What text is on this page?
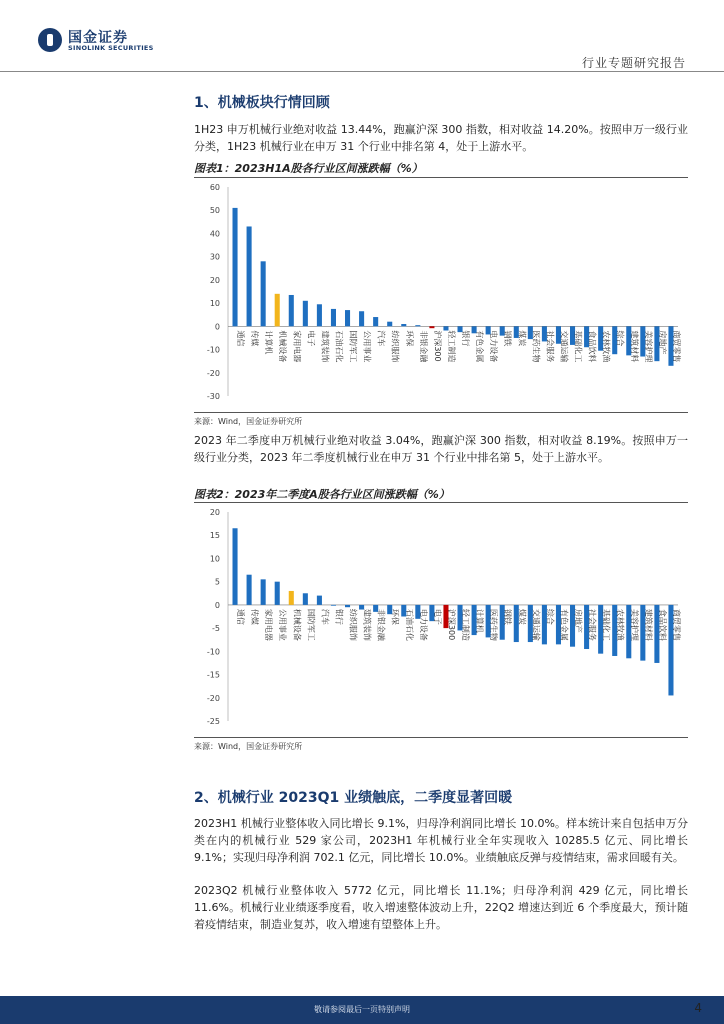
国金证券
SINOLINK SECURITIES
行业专题研究报告
1、机械板块行情回顾
1H23 申万机械行业绝对收益 13.44%，跑赢沪深 300 指数，相对收益 14.20%。按照申万一级行业分类，1H23 机械行业在申万 31 个行业中排名第 4，处于上游水平。
图表1：2023H1A股各行业区间涨跌幅（%）
60
50
40
30
20
10
0
-10
-20
-30
通信 传媒 计算机 机械设备 家用电器 电子 建筑装饰 石油石化 国防军工 公用事业 汽车 纺织服饰 环保 非银金融 沪深300 轻工制造 银行 有色金属 电力设备 钢铁 煤炭 医药生物 社会服务 交通运输 基础化工 食品饮料 农林牧渔 综合 建筑材料 美容护理 房地产 商贸零售
来源：Wind，国金证券研究所
2023 年二季度申万机械行业绝对收益 3.04%，跑赢沪深 300 指数，相对收益 8.19%。按照申万一级行业分类，2023 年二季度机械行业在申万 31 个行业中排名第 5，处于上游水平。
图表2：2023年二季度A股各行业区间涨跌幅（%）
20
15
10
5
0
-5
-10
-15
-20
-25
通信 传媒 家用电器 公用事业 机械设备 国防军工 汽车 银行 纺织服饰 建筑装饰 非银金融 环保 石油石化 电力设备 电子 沪深300 轻工制造 计算机 医药生物 钢铁 煤炭 交通运输 综合 有色金属 房地产 社会服务 基础化工 农林牧渔 美容护理 建筑材料 食品饮料 商贸零售
来源：Wind，国金证券研究所
2、机械行业 2023Q1 业绩触底，二季度显著回暖
2023H1 机械行业整体收入同比增长 9.1%，归母净利润同比增长 10.0%。样本统计来自包括申万分类在内的机械行业 529 家公司，2023H1 年机械行业全年实现收入 10285.5 亿元、同比增长 9.1%；实现归母净利润 702.1 亿元，同比增长 10.0%。业绩触底反弹与疫情结束，需求回暖有关。
2023Q2 机械行业整体收入 5772 亿元，同比增长 11.1%；归母净利润 429 亿元，同比增长 11.6%。机械行业业绩逐季度看，收入增速整体波动上升，22Q2 增速达到近 6 个季度最大，预计随着疫情结束，制造业复苏，收入增速有望整体上升。
敬请参阅最后一页特别声明	4
